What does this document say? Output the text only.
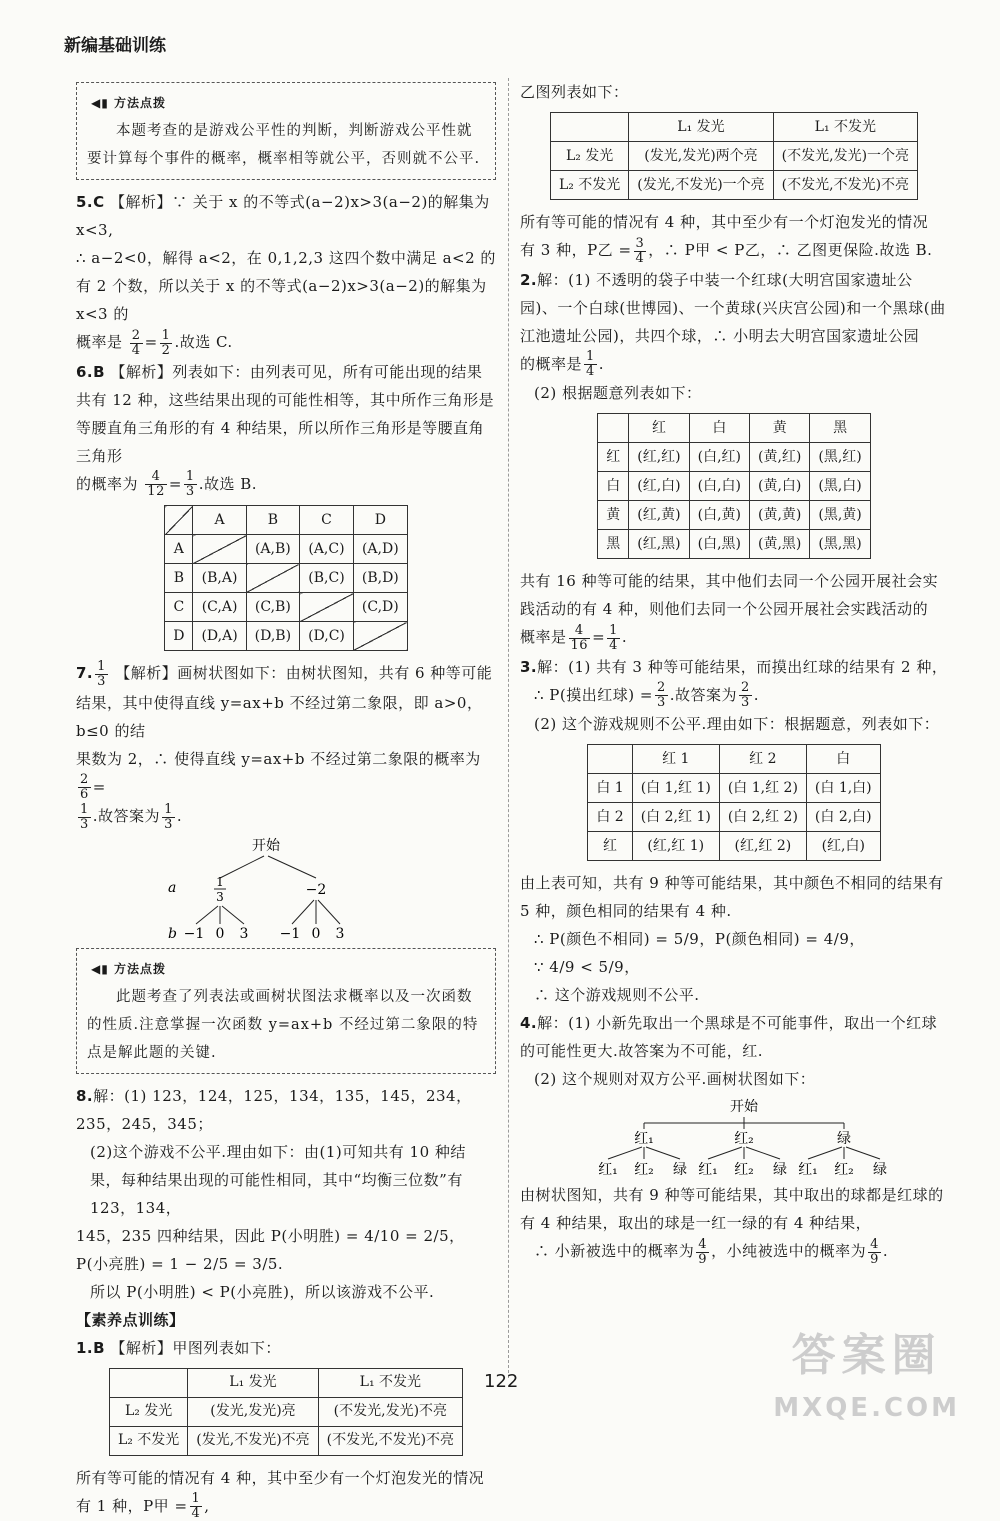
新编基础训练
◀▮ 方法点拨
本题考查的是游戏公平性的判断，判断游戏公平性就要计算每个事件的概率，概率相等就公平，否则就不公平.

5.C 【解析】∵ 关于 x 的不等式(a−2)x>3(a−2)的解集为 x<3,

∴ a−2<0，解得 a<2，在 0,1,2,3 这四个数中满足 a<2 的有 2 个数，所以关于 x 的不等式(a−2)x>3(a−2)的解集为 x<3 的

概率是 $\frac{2}{4} = \frac{1}{2}$ .故选 C.

6.B 【解析】列表如下：由列表可见，所有可能出现的结果共有 12 种，这些结果出现的可能性相等，其中所作三角形是等腰直角三角形的有 4 种结果，所以所作三角形是等腰直角三角形

的概率为 $\frac{4}{12} = \frac{1}{3}$ .故选 B.

	A	B	C	D
A		(A,B)	(A,C)	(A,D)
B	(B,A)		(B,C)	(B,D)
C	(C,A)	(C,B)		(C,D)
D	(D,A)	(D,B)	(D,C)	

7. $\frac{1}{3}$ 【解析】画树状图如下：由树状图知，共有 6 种等可能结果，其中使得直线 y=ax+b 不经过第二象限，即 a>0，b≤0 的结

果数为 2，∴ 使得直线 y=ax+b 不经过第二象限的概率为
$\frac{2}{6}$ =

$\frac{1}{3}$ .故答案为 $\frac{1}{3}$ .

开始
a	1
3	−2
b −1 0 3 −1 0 3
◀▮ 方法点拨
此题考查了列表法或画树状图法求概率以及一次函数的性质.注意掌握一次函数 y=ax+b 不经过第二象限的特点是解此题的关键.

8.解：(1) 123，124，125，134，135，145，234，235，245，345；

(2)这个游戏不公平.理由如下：由(1)可知共有 10 种结果，每种结果出现的可能性相同，其中“均衡三位数”有 123，134，

145，235 四种结果，因此 P(小明胜) = 4/10 = 2/5，P(小亮胜) = 1 − 2/5 = 3/5.

所以 P(小明胜) < P(小亮胜)，所以该游戏不公平.

【素养点训练】

1.B 【解析】甲图列表如下：

	L₁ 发光	L₁ 不发光
L₂ 发光	(发光,发光)亮	(不发光,发光)不亮
L₂ 不发光	(发光,不发光)不亮	(不发光,不发光)不亮

所有等可能的情况有 4 种，其中至少有一个灯泡发光的情况

有 1 种，P甲 = $\frac{1}{4}$ ,

乙图列表如下：

	L₁ 发光	L₁ 不发光
L₂ 发光	(发光,发光)两个亮	(不发光,发光)一个亮
L₂ 不发光	(发光,不发光)一个亮	(不发光,不发光)不亮

所有等可能的情况有 4 种，其中至少有一个灯泡发光的情况

有 3 种，P乙 = $\frac{3}{4}$ ，∴ P甲 < P乙，∴ 乙图更保险.故选 B.

2.解：(1) 不透明的袋子中装一个红球(大明宫国家遗址公园)、一个白球(世博园)、一个黄球(兴庆宫公园)和一个黑球(曲江池遗址公园)，共四个球，∴ 小明去大明宫国家遗址公园

的概率是 $\frac{1}{4}$ .

(2) 根据题意列表如下：

	红	白	黄	黑
红	(红,红)	(白,红)	(黄,红)	(黑,红)
白	(红,白)	(白,白)	(黄,白)	(黑,白)
黄	(红,黄)	(白,黄)	(黄,黄)	(黑,黄)
黑	(红,黑)	(白,黑)	(黄,黑)	(黑,黑)

共有 16 种等可能的结果，其中他们去同一个公园开展社会实践活动的有 4 种，则他们去同一个公园开展社会实践活动的

概率是 $\frac{4}{16} = \frac{1}{4}$ .

3.解：(1) 共有 3 种等可能结果，而摸出红球的结果有 2 种，

∴ P(摸出红球) = $\frac{2}{3}$ .故答案为 $\frac{2}{3}$ .

(2) 这个游戏规则不公平.理由如下：根据题意，列表如下：

	红 1	红 2	白
白 1	(白 1,红 1)	(白 1,红 2)	(白 1,白)
白 2	(白 2,红 1)	(白 2,红 2)	(白 2,白)
红	(红,红 1)	(红,红 2)	(红,白)

由上表可知，共有 9 种等可能结果，其中颜色不相同的结果有 5 种，颜色相同的结果有 4 种.

∴ P(颜色不相同) = 5/9，P(颜色相同) = 4/9，

∵ 4/9 < 5/9，

∴ 这个游戏规则不公平.

4.解：(1) 小新先取出一个黑球是不可能事件，取出一个红球的可能性更大.故答案为不可能，红.

(2) 这个规则对双方公平.画树状图如下：

开始
红₁	红₂	绿
红₁ 红₂ 绿 红₁ 红₂ 绿 红₁ 红₂ 绿

由树状图知，共有 9 种等可能结果，其中取出的球都是红球的有 4 种结果，取出的球是一红一绿的有 4 种结果，

∴ 小新被选中的概率为 $\frac{4}{9}$ ，小纯被选中的概率为 $\frac{4}{9}$ .

122
答案圈
MXQE.COM
